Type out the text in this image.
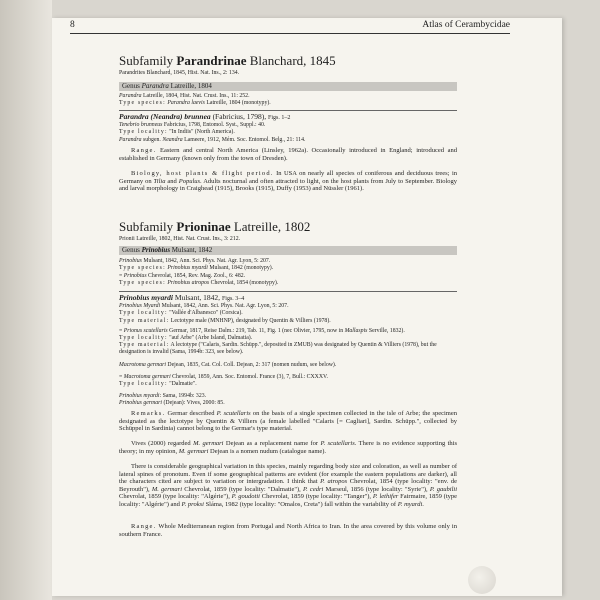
8	Atlas of Cerambycidae
Subfamily Parandrinae Blanchard, 1845
Parandrites Blanchard, 1845, Hist. Nat. Ins., 2: 134.
Genus Parandra Latreille, 1804
Parandra Latreille, 1804, Hist. Nat. Crust. Ins., 11: 252.
Type species: Parandra laevis Latreille, 1804 (monotypy).
Parandra (Neandra) brunnea (Fabricius, 1798), Figs. 1–2
Tenebrio brunneus Fabricius, 1798, Entomol. Syst., Suppl.: 40.
Type locality: "In Indiis" (North America).
Parandra subgen. Neandra Lameere, 1912, Mém. Soc. Entomol. Belg., 21: 114.
Range. Eastern and central North America (Linsley, 1962a). Occasionally introduced in England; introduced and established in Germany (known only from the town of Dresden).
Biology, host plants & flight period. In USA on nearly all species of coniferous and deciduous trees; in Germany on Tilia and Populus. Adults nocturnal and often attracted to light, on the host plants from July to September. Biology and larval morphology in Craighead (1915), Brooks (1915), Duffy (1953) and Nüssler (1961).
Subfamily Prioninae Latreille, 1802
Prionii Latreille, 1802, Hist. Nat. Crust. Ins., 3: 212.
Genus Prinobius Mulsant, 1842
Prinobius Mulsant, 1842, Ann. Sci. Phys. Nat. Agr. Lyon, 5: 207.
Type species: Prinobius myardi Mulsant, 1842 (monotypy).
= Prinobius Chevrolat, 1854, Rev. Mag. Zool., 6: 482.
Type species: Prinobius atropos Chevrolat, 1854 (monotypy).
Prinobius myardi Mulsant, 1842, Figs. 3–4
Prinobius Myardi Mulsant, 1842, Ann. Sci. Phys. Nat. Agr. Lyon, 5: 207.
Type locality: "Vallée d'Albanesco" (Corsica).
Type material: Lectotype male (MNHNP), designated by Quentin & Villiers (1978).
= Prionus scutellaris Germar, 1817, Reise Dalm.: 219, Tab. 11, Fig. 1 (nec Olivier, 1795, now in Mallaspis Serville, 1832).
Type locality: "auf Arbe" (Arbe Island, Dalmatia).
Type material: A lectotype ("Calaris, Sardin. Schüpp.", deposited in ZMUB) was designated by Quentin & Villiers (1978), but the designation is invalid (Sama, 1994b: 323, see below).
Macrotoma germari Dejean, 1835, Cat. Col. Coll. Dejean, 2: 317 (nomen nudum, see below).
= Macrotoma germari Chevrolat, 1859, Ann. Soc. Entomol. France (3), 7, Bull.: CXXXV.
Type locality: "Dalmatie".
Prinobius myardi: Sama, 1994b: 323.
Prinobius germari (Dejean): Vives, 2000: 85.
Remarks. Germar described P. scutellaris on the basis of a single specimen collected in the isle of Arbe; the specimen designated as the lectotype by Quentin & Villiers (a female labelled "Calaris [= Cagliari], Sardin. Schüpp.", collected by Schüppel in Sardinia) cannot belong to the Germar's type material.
Vives (2000) regarded M. germari Dejean as a replacement name for P. scutellaris. There is no evidence supporting this theory; in my opinion, M. germari Dejean is a nomen nudum (catalogue name).
There is considerable geographical variation in this species, mainly regarding body size and coloration, as well as number of lateral spines of pronotum. Even if some geographical patterns are evident (for example the eastern populations are darker), all the characters cited are subject to variation or intergradation. I think that P. atropos Chevrolat, 1854 (type locality: "env. de Beyrouth"), M. germari Chevrolat, 1859 (type locality: "Dalmatie"), P. cedri Marseul, 1856 (type locality: "Syrie"), P. gaubilii Chevrolat, 1859 (type locality: "Algérie"), P. goudotii Chevrolat, 1859 (type locality: "Tanger"), P. lethifer Fairmaire, 1859 (type locality: "Algérie") and P. proksi Sláma, 1982 (type locality: "Omalos, Creta") fall within the variability of P. myardi.
Range. Whole Mediterranean region from Portugal and North Africa to Iran. In the area covered by this volume only in southern France.
